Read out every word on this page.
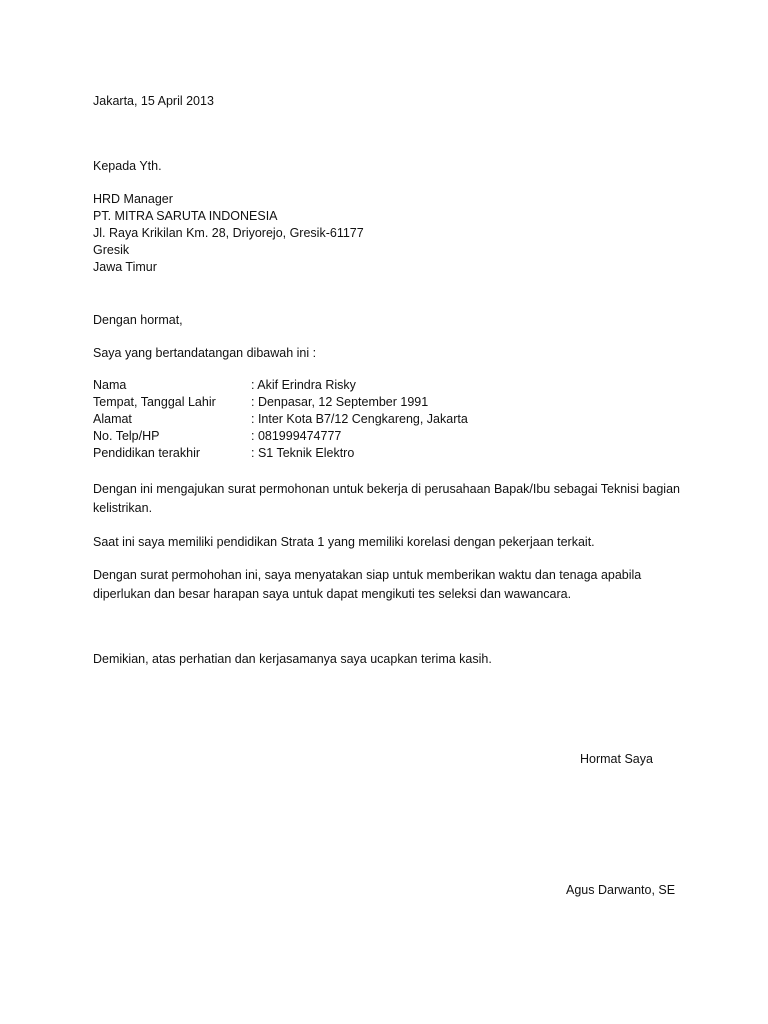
Jakarta, 15 April 2013
Kepada Yth.
HRD Manager
PT. MITRA SARUTA INDONESIA
Jl. Raya Krikilan Km. 28, Driyorejo, Gresik-61177
Gresik
Jawa Timur
Dengan hormat,
Saya yang bertandatangan dibawah ini :
Nama	: Akif Erindra Risky
Tempat, Tanggal Lahir	: Denpasar, 12 September 1991
Alamat	: Inter Kota B7/12 Cengkareng, Jakarta
No. Telp/HP	: 081999474777
Pendidikan terakhir	: S1 Teknik Elektro
Dengan ini mengajukan surat permohonan untuk bekerja di perusahaan Bapak/Ibu sebagai Teknisi bagian kelistrikan.
Saat ini saya memiliki pendidikan Strata 1 yang memiliki korelasi dengan pekerjaan terkait.
Dengan surat permohohan ini, saya menyatakan siap untuk memberikan waktu dan tenaga apabila diperlukan dan besar harapan saya untuk dapat mengikuti tes seleksi dan wawancara.
Demikian, atas perhatian dan kerjasamanya saya ucapkan terima kasih.
Hormat Saya
Agus Darwanto, SE
